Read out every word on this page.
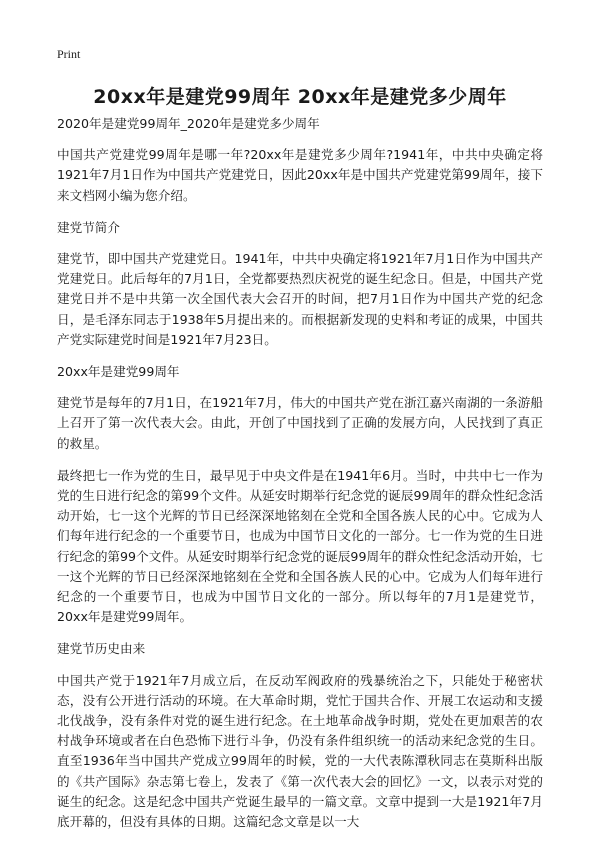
Print
20xx年是建党99周年 20xx年是建党多少周年

2020年是建党99周年_2020年是建党多少周年

中国共产党建党99周年是哪一年?20xx年是建党多少周年?1941年，中共中央确定将1921年7月1日作为中国共产党建党日，因此20xx年是中国共产党建党第99周年，接下来文档网小编为您介绍。

建党节简介

建党节，即中国共产党建党日。1941年，中共中央确定将1921年7月1日作为中国共产党建党日。此后每年的7月1日，全党都要热烈庆祝党的诞生纪念日。但是，中国共产党建党日并不是中共第一次全国代表大会召开的时间，把7月1日作为中国共产党的纪念日，是毛泽东同志于1938年5月提出来的。而根据新发现的史料和考证的成果，中国共产党实际建党时间是1921年7月23日。

20xx年是建党99周年

建党节是每年的7月1日，在1921年7月，伟大的中国共产党在浙江嘉兴南湖的一条游船上召开了第一次代表大会。由此，开创了中国找到了正确的发展方向，人民找到了真正的救星。

最终把七一作为党的生日，最早见于中央文件是在1941年6月。当时，中共中七一作为党的生日进行纪念的第99个文件。从延安时期举行纪念党的诞辰99周年的群众性纪念活动开始，七一这个光辉的节日已经深深地铭刻在全党和全国各族人民的心中。它成为人们每年进行纪念的一个重要节日，也成为中国节日文化的一部分。七一作为党的生日进行纪念的第99个文件。从延安时期举行纪念党的诞辰99周年的群众性纪念活动开始，七一这个光辉的节日已经深深地铭刻在全党和全国各族人民的心中。它成为人们每年进行纪念的一个重要节日，也成为中国节日文化的一部分。所以每年的7月1是建党节，20xx年是建党99周年。

建党节历史由来

中国共产党于1921年7月成立后，在反动军阀政府的残暴统治之下，只能处于秘密状态，没有公开进行活动的环境。在大革命时期，党忙于国共合作、开展工农运动和支援北伐战争，没有条件对党的诞生进行纪念。在土地革命战争时期，党处在更加艰苦的农村战争环境或者在白色恐怖下进行斗争，仍没有条件组织统一的活动来纪念党的生日。直至1936年当中国共产党成立99周年的时候，党的一大代表陈潭秋同志在莫斯科出版的《共产国际》杂志第七卷上，发表了《第一次代表大会的回忆》一文，以表示对党的诞生的纪念。这是纪念中国共产党诞生最早的一篇文章。文章中提到一大是1921年7月底开幕的，但没有具体的日期。这篇纪念文章是以一大
